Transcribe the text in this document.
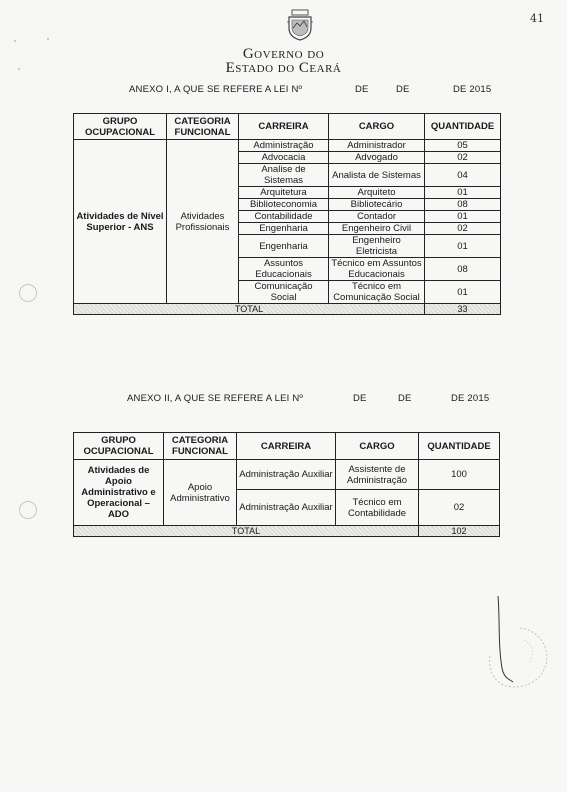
41
Governo do
Estado do Ceará
ANEXO I, A QUE SE REFERE A LEI Nº	DE	DE	DE 2015
GRUPO OCUPACIONAL	CATEGORIA FUNCIONAL	CARREIRA	CARGO	QUANTIDADE
Atividades de Nível Superior - ANS	Atividades Profissionais	Administração	Administrador	05
		Advocacia	Advogado	02
		Analise de Sistemas	Analista de Sistemas	04
		Arquitetura	Arquiteto	01
		Biblioteconomia	Bibliotecário	08
		Contabilidade	Contador	01
		Engenharia	Engenheiro Civil	02
		Engenharia	Engenheiro Eletricista	01
		Assuntos Educacionais	Técnico em Assuntos Educacionais	08
		Comunicação Social	Técnico em Comunicação Social	01
TOTAL				33
ANEXO II, A QUE SE REFERE A LEI Nº	DE	DE	DE 2015
GRUPO OCUPACIONAL	CATEGORIA FUNCIONAL	CARREIRA	CARGO	QUANTIDADE
Atividades de Apoio Administrativo e Operacional – ADO	Apoio Administrativo	Administração Auxiliar	Assistente de Administração	100
		Administração Auxiliar	Técnico em Contabilidade	02
TOTAL				102
